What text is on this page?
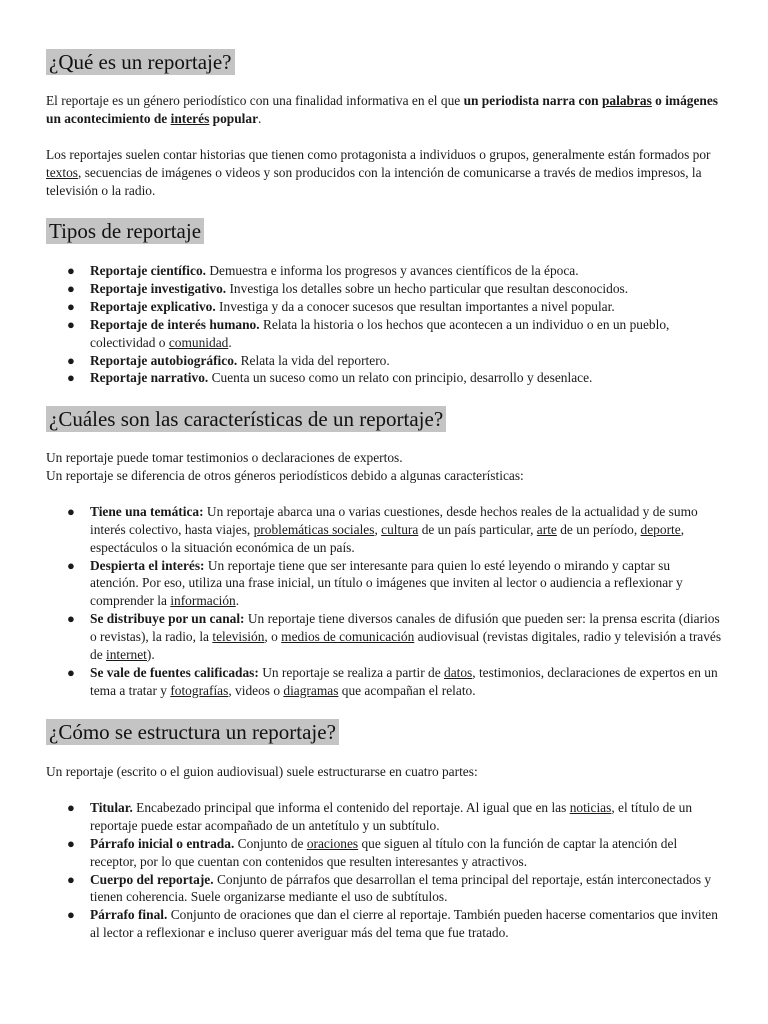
¿Qué es un reportaje?

El reportaje es un género periodístico con una finalidad informativa en el que un periodista narra con palabras o imágenes un acontecimiento de interés popular.

Los reportajes suelen contar historias que tienen como protagonista a individuos o grupos, generalmente están formados por textos, secuencias de imágenes o videos y son producidos con la intención de comunicarse a través de medios impresos, la televisión o la radio.

Tipos de reportaje
● Reportaje científico. Demuestra e informa los progresos y avances científicos de la época.
● Reportaje investigativo. Investiga los detalles sobre un hecho particular que resultan desconocidos.
● Reportaje explicativo. Investiga y da a conocer sucesos que resultan importantes a nivel popular.
● Reportaje de interés humano. Relata la historia o los hechos que acontecen a un individuo o en un pueblo, colectividad o comunidad.
● Reportaje autobiográfico. Relata la vida del reportero.
● Reportaje narrativo. Cuenta un suceso como un relato con principio, desarrollo y desenlace.
¿Cuáles son las características de un reportaje?

Un reportaje puede tomar testimonios o declaraciones de expertos.
Un reportaje se diferencia de otros géneros periodísticos debido a algunas características:

● Tiene una temática: Un reportaje abarca una o varias cuestiones, desde hechos reales de la actualidad y de sumo interés colectivo, hasta viajes, problemáticas sociales, cultura de un país particular, arte de un período, deporte, espectáculos o la situación económica de un país.
● Despierta el interés: Un reportaje tiene que ser interesante para quien lo esté leyendo o mirando y captar su atención. Por eso, utiliza una frase inicial, un título o imágenes que inviten al lector o audiencia a reflexionar y comprender la información.
● Se distribuye por un canal: Un reportaje tiene diversos canales de difusión que pueden ser: la prensa escrita (diarios o revistas), la radio, la televisión, o medios de comunicación audiovisual (revistas digitales, radio y televisión a través de internet).
● Se vale de fuentes calificadas: Un reportaje se realiza a partir de datos, testimonios, declaraciones de expertos en un tema a tratar y fotografías, videos o diagramas que acompañan el relato.
¿Cómo se estructura un reportaje?

Un reportaje (escrito o el guion audiovisual) suele estructurarse en cuatro partes:

● Titular. Encabezado principal que informa el contenido del reportaje. Al igual que en las noticias, el título de un reportaje puede estar acompañado de un antetítulo y un subtítulo.
● Párrafo inicial o entrada. Conjunto de oraciones que siguen al título con la función de captar la atención del receptor, por lo que cuentan con contenidos que resulten interesantes y atractivos.
● Cuerpo del reportaje. Conjunto de párrafos que desarrollan el tema principal del reportaje, están interconectados y tienen coherencia. Suele organizarse mediante el uso de subtítulos.
● Párrafo final. Conjunto de oraciones que dan el cierre al reportaje. También pueden hacerse comentarios que inviten al lector a reflexionar e incluso querer averiguar más del tema que fue tratado.
